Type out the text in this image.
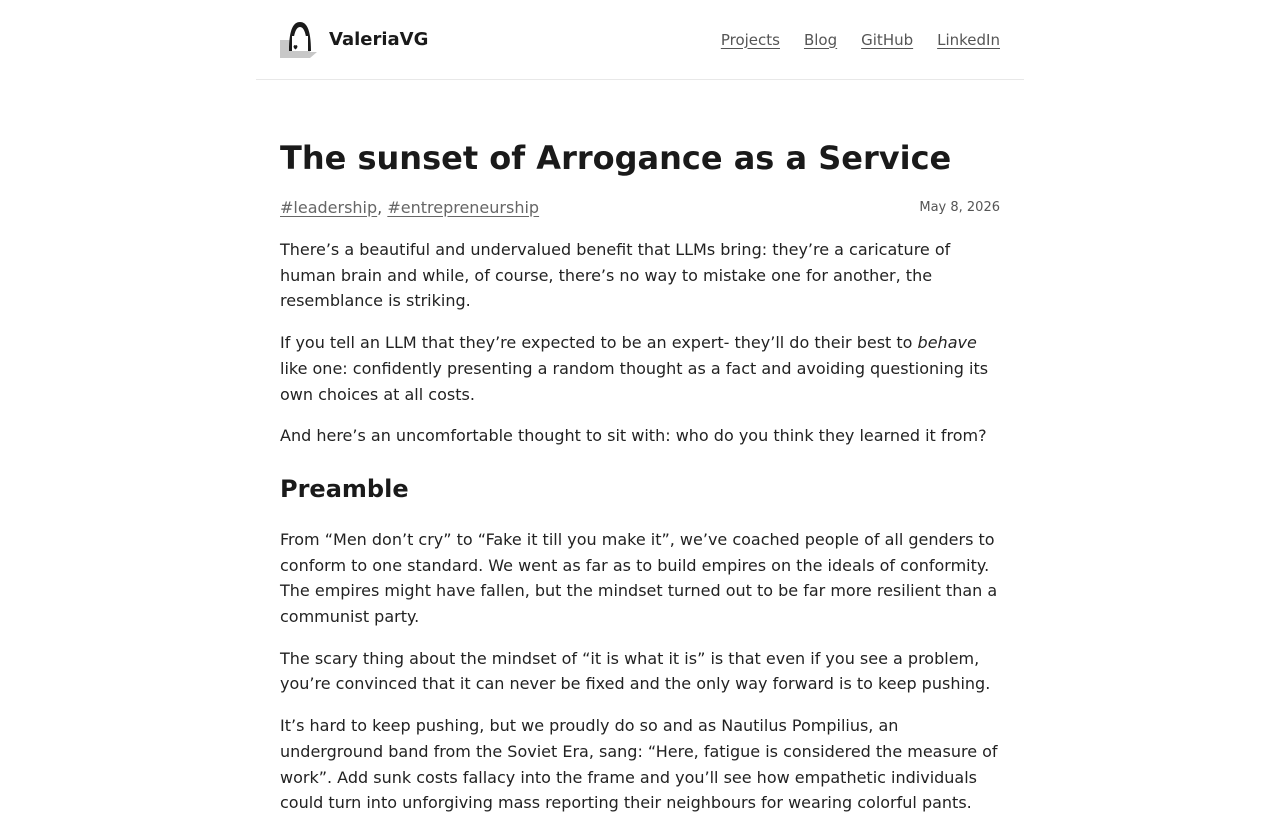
ValeriaVG	Projects Blog GitHub LinkedIn
The sunset of Arrogance as a Service
#leadership, #entrepreneurship	May 8, 2026

There’s a beautiful and undervalued benefit that LLMs bring: they’re a caricature of human brain and while, of course, there’s no way to mistake one for another, the resemblance is striking.

If you tell an LLM that they’re expected to be an expert- they’ll do their best to behave like one: confidently presenting a random thought as a fact and avoiding questioning its own choices at all costs.

And here’s an uncomfortable thought to sit with: who do you think they learned it from?

Preamble

From “Men don’t cry” to “Fake it till you make it”, we’ve coached people of all genders to conform to one standard. We went as far as to build empires on the ideals of conformity. The empires might have fallen, but the mindset turned out to be far more resilient than a communist party.

The scary thing about the mindset of “it is what it is” is that even if you see a problem, you’re convinced that it can never be fixed and the only way forward is to keep pushing.

It’s hard to keep pushing, but we proudly do so and as Nautilus Pompilius, an underground band from the Soviet Era, sang: “Here, fatigue is considered the measure of work”. Add sunk costs fallacy into the frame and you’ll see how empathetic individuals could turn into unforgiving mass reporting their neighbours for wearing colorful pants.
